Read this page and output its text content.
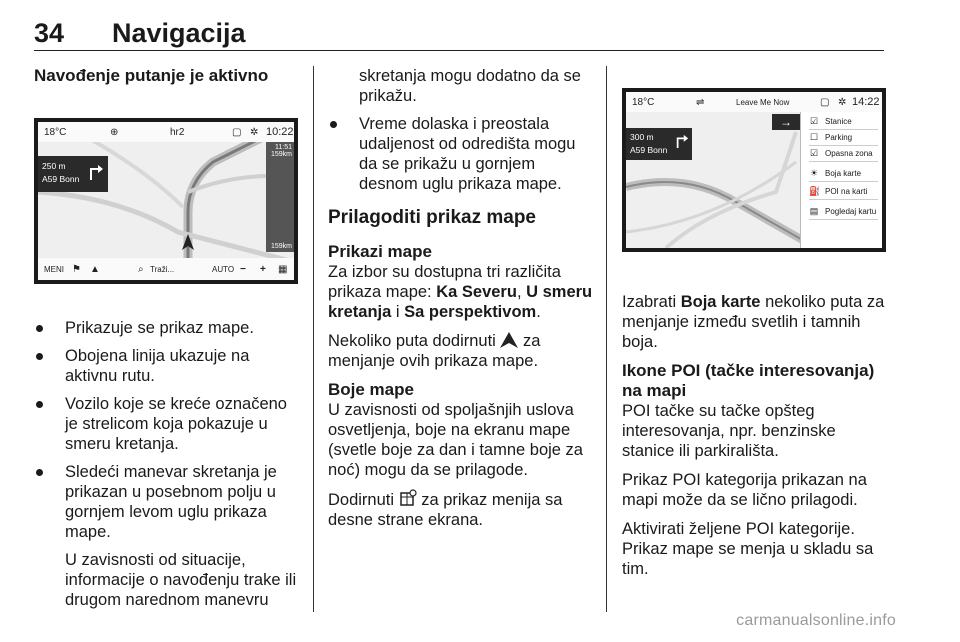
34 Navigacija
Navođenje putanje je aktivno
18°C	⊕	hr2	▢ ✲ 10:22
250 m
A59 Bonn
11:51
159km
159km
MENI ⚑ ▲	⌕ Traži...	AUTO − + ▦
Prikazuje se prikaz mape.
Obojena linija ukazuje na aktivnu rutu.
Vozilo koje se kreće označeno je strelicom koja pokazuje u smeru kretanja.
Sledeći manevar skretanja je prikazan u posebnom polju u gornjem levom uglu prikaza mape.
U zavisnosti od situacije, informacije o navođenju trake ili drugom narednom manevru
skretanja mogu dodatno da se prikažu.
Vreme dolaska i preostala udaljenost od odredišta mogu da se prikažu u gornjem desnom uglu prikaza mape.
Prilagoditi prikaz mape
Prikazi mape

Za izbor su dostupna tri različita prikaza mape: Ka Severu, U smeru kretanja i Sa perspektivom.

Nekoliko puta dodirnuti  za menjanje ovih prikaza mape.

Boje mape

U zavisnosti od spoljašnjih uslova osvetljenja, boje na ekranu mape (svetle boje za dan i tamne boje za noć) mogu da se prilagode.

Dodirnuti  za prikaz menija sa desne strane ekrana.

18°C	⇌	Leave Me Now	▢ ✲ 14:22
300 m
A59 Bonn
→	☑ Stanice
☐ Parking
☑ Opasna zona
☀ Boja karte
⛽ POI na karti
▤ Pogledaj kartu

Izabrati Boja karte nekoliko puta za menjanje između svetlih i tamnih boja.

Ikone POI (tačke interesovanja) na mapi

POI tačke su tačke opšteg interesovanja, npr. benzinske stanice ili parkirališta.

Prikaz POI kategorija prikazan na mapi može da se lično prilagodi.

Aktivirati željene POI kategorije. Prikaz mape se menja u skladu sa tim.

carmanualsonline.info
